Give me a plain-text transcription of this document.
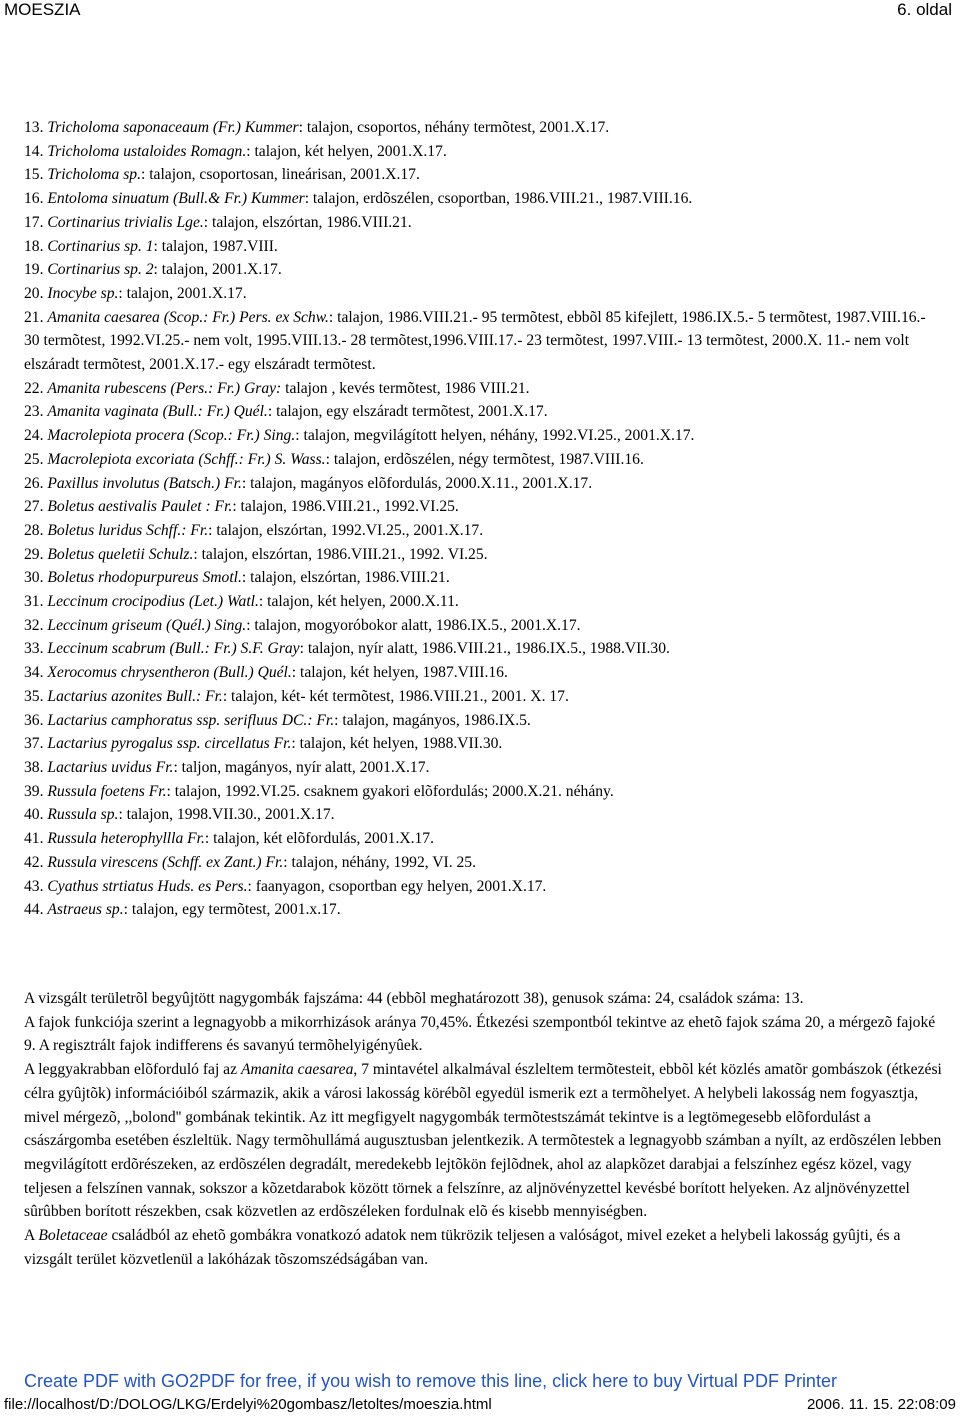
MOESZIA	6. oldal
13. Tricholoma saponaceaum (Fr.) Kummer: talajon, csoportos, néhány termõtest, 2001.X.17.
14. Tricholoma ustaloides Romagn.: talajon, két helyen, 2001.X.17.
15. Tricholoma sp.: talajon, csoportosan, lineárisan, 2001.X.17.
16. Entoloma sinuatum (Bull.& Fr.) Kummer: talajon, erdõszélen, csoportban, 1986.VIII.21., 1987.VIII.16.
17. Cortinarius trivialis Lge.: talajon, elszórtan, 1986.VIII.21.
18. Cortinarius sp. 1: talajon, 1987.VIII.
19. Cortinarius sp. 2: talajon, 2001.X.17.
20. Inocybe sp.: talajon, 2001.X.17.
21. Amanita caesarea (Scop.: Fr.) Pers. ex Schw.: talajon, 1986.VIII.21.- 95 termõtest, ebbõl 85 kifejlett, 1986.IX.5.- 5 termõtest, 1987.VIII.16.- 30 termõtest, 1992.VI.25.- nem volt, 1995.VIII.13.- 28 termõtest,1996.VIII.17.- 23 termõtest, 1997.VIII.- 13 termõtest, 2000.X. 11.- nem volt elszáradt termõtest, 2001.X.17.- egy elszáradt termõtest.
22. Amanita rubescens (Pers.: Fr.) Gray: talajon , kevés termõtest, 1986 VIII.21.
23. Amanita vaginata (Bull.: Fr.) Quél.: talajon, egy elszáradt termõtest, 2001.X.17.
24. Macrolepiota procera (Scop.: Fr.) Sing.: talajon, megvilágított helyen, néhány, 1992.VI.25., 2001.X.17.
25. Macrolepiota excoriata (Schff.: Fr.) S. Wass.: talajon, erdõszélen, négy termõtest, 1987.VIII.16.
26. Paxillus involutus (Batsch.) Fr.: talajon, magányos elõfordulás, 2000.X.11., 2001.X.17.
27. Boletus aestivalis Paulet : Fr.: talajon, 1986.VIII.21., 1992.VI.25.
28. Boletus luridus Schff.: Fr.: talajon, elszórtan, 1992.VI.25., 2001.X.17.
29. Boletus queletii Schulz.: talajon, elszórtan, 1986.VIII.21., 1992. VI.25.
30. Boletus rhodopurpureus Smotl.: talajon, elszórtan, 1986.VIII.21.
31. Leccinum crocipodius (Let.) Watl.: talajon, két helyen, 2000.X.11.
32. Leccinum griseum (Quél.) Sing.: talajon, mogyoróbokor alatt, 1986.IX.5., 2001.X.17.
33. Leccinum scabrum (Bull.: Fr.) S.F. Gray: talajon, nyír alatt, 1986.VIII.21., 1986.IX.5., 1988.VII.30.
34. Xerocomus chrysentheron (Bull.) Quél.: talajon, két helyen, 1987.VIII.16.
35. Lactarius azonites Bull.: Fr.: talajon, két- két termõtest, 1986.VIII.21., 2001. X. 17.
36. Lactarius camphoratus ssp. serifluus DC.: Fr.: talajon, magányos, 1986.IX.5.
37. Lactarius pyrogalus ssp. circellatus Fr.: talajon, két helyen, 1988.VII.30.
38. Lactarius uvidus Fr.: taljon, magányos, nyír alatt, 2001.X.17.
39. Russula foetens Fr.: talajon, 1992.VI.25. csaknem gyakori elõfordulás; 2000.X.21. néhány.
40. Russula sp.: talajon, 1998.VII.30., 2001.X.17.
41. Russula heterophyllla Fr.: talajon, két elõfordulás, 2001.X.17.
42. Russula virescens (Schff. ex Zant.) Fr.: talajon, néhány, 1992, VI. 25.
43. Cyathus strtiatus Huds. es Pers.: faanyagon, csoportban egy helyen, 2001.X.17.
44. Astraeus sp.: talajon, egy termõtest, 2001.x.17.

A vizsgált területrõl begyûjtött nagygombák fajszáma: 44 (ebbõl meghatározott 38), genusok száma: 24, családok száma: 13.

A fajok funkciója szerint a legnagyobb a mikorrhizások aránya 70,45%. Étkezési szempontból tekintve az ehetõ fajok száma 20, a mérgezõ fajoké 9. A regisztrált fajok indifferens és savanyú termõhelyigényûek.

A leggyakrabban elõforduló faj az Amanita caesarea, 7 mintavétel alkalmával észleltem termõtesteit, ebbõl két közlés amatõr gombászok (étkezési célra gyûjtõk) információiból származik, akik a városi lakosság körébõl egyedül ismerik ezt a termõhelyet. A helybeli lakosság nem fogyasztja, mivel mérgezõ, ,,bolond'' gombának tekintik. Az itt megfigyelt nagygombák termõtestszámát tekintve is a legtömegesebb elõfordulást a császárgomba esetében észleltük. Nagy termõhullámá augusztusban jelentkezik. A termõtestek a legnagyobb számban a nyílt, az erdõszélen lebben megvilágított erdõrészeken, az erdõszélen degradált, meredekebb lejtõkön fejlõdnek, ahol az alapkõzet darabjai a felszínhez egész közel, vagy teljesen a felszínen vannak, sokszor a kõzetdarabok között törnek a felszínre, az aljnövényzettel kevésbé borított helyeken. Az aljnövényzettel sûrûbben borított részekben, csak közvetlen az erdõszéleken fordulnak elõ és kisebb mennyiségben.

A Boletaceae családból az ehetõ gombákra vonatkozó adatok nem tükrözik teljesen a valóságot, mivel ezeket a helybeli lakosság gyûjti, és a vizsgált terület közvetlenül a lakóházak tõszomszédságában van.

Create PDF with GO2PDF for free, if you wish to remove this line, click here to buy Virtual PDF Printer
file://localhost/D:/DOLOG/LKG/Erdelyi%20gombasz/letoltes/moeszia.html	2006. 11. 15. 22:08:09
